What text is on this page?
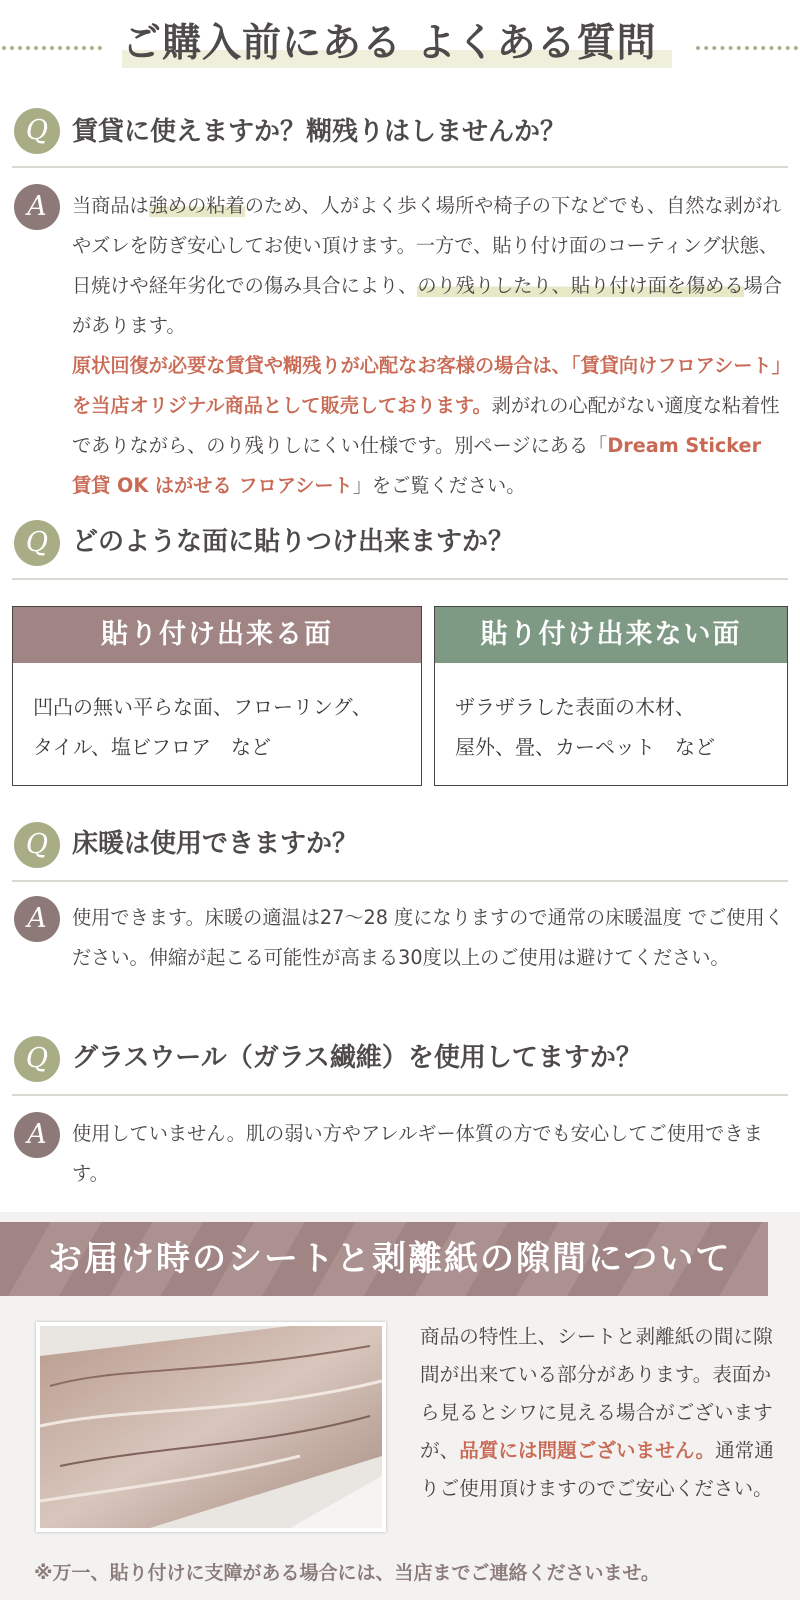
ご購入前にある よくある質問
Q 賃貸に使えますか？糊残りはしませんか？
A	当商品は強めの粘着のため、人がよく歩く場所や椅子の下などでも、自然な剥がれやズレを防ぎ安心してお使い頂けます。一方で、貼り付け面のコーティング状態、日焼けや経年劣化での傷み具合により、のり残りしたり、貼り付け面を傷める場合があります。
原状回復が必要な賃貸や糊残りが心配なお客様の場合は、「賃貸向けフロアシート」を当店オリジナル商品として販売しております。剥がれの心配がない適度な粘着性でありながら、のり残りしにくい仕様です。別ページにある「Dream Sticker 賃貸 OK はがせる フロアシート」をご覧ください。
Q どのような面に貼りつけ出来ますか？
貼り付け出来る面
凹凸の無い平らな面、フローリング、
タイル、塩ビフロア　など
貼り付け出来ない面
ザラザラした表面の木材、
屋外、畳、カーペット　など
Q 床暖は使用できますか？
A	使用できます。床暖の適温は27～28 度になりますので通常の床暖温度 でご使用ください。伸縮が起こる可能性が高まる30度以上のご使用は避けてください。
Q グラスウール（ガラス繊維）を使用してますか？
A	使用していません。肌の弱い方やアレルギー体質の方でも安心してご使用できます。
お届け時のシートと剥離紙の隙間について
商品の特性上、シートと剥離紙の間に隙間が出来ている部分があります。表面から見るとシワに見える場合がございますが、品質には問題ございません。通常通りご使用頂けますのでご安心ください。
※万一、貼り付けに支障がある場合には、当店までご連絡くださいませ。
